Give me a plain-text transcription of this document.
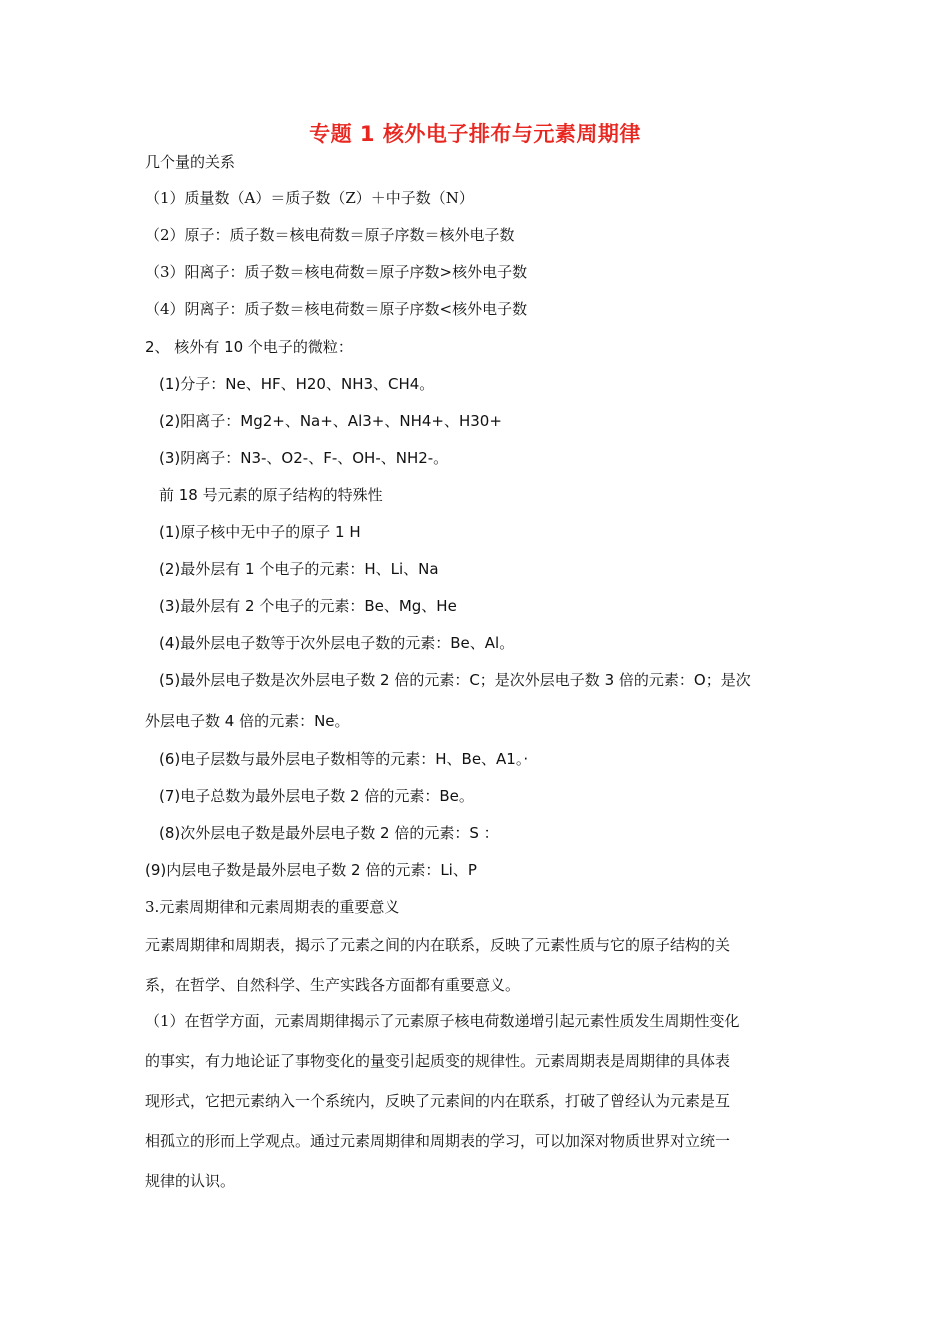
专题 1 核外电子排布与元素周期律
几个量的关系
（1）质量数（A）＝质子数（Z）＋中子数（N）
（2）原子：质子数＝核电荷数＝原子序数＝核外电子数
（3）阳离子：质子数＝核电荷数＝原子序数>核外电子数
（4）阴离子：质子数＝核电荷数＝原子序数<核外电子数
2、 核外有 10 个电子的微粒：
(1)分子：Ne、HF、H20、NH3、CH4。
(2)阳离子：Mg2+、Na+、Al3+、NH4+、H30+
(3)阴离子：N3-、O2-、F-、OH-、NH2-。
前 18 号元素的原子结构的特殊性
(1)原子核中无中子的原子 1 H
(2)最外层有 1 个电子的元素：H、Li、Na
(3)最外层有 2 个电子的元素：Be、Mg、He
(4)最外层电子数等于次外层电子数的元素：Be、Al。
(5)最外层电子数是次外层电子数 2 倍的元素：C；是次外层电子数 3 倍的元素：O；是次
外层电子数 4 倍的元素：Ne。
(6)电子层数与最外层电子数相等的元素：H、Be、A1。·
(7)电子总数为最外层电子数 2 倍的元素：Be。
(8)次外层电子数是最外层电子数 2 倍的元素：S ：
(9)内层电子数是最外层电子数 2 倍的元素：Li、P
3.元素周期律和元素周期表的重要意义
元素周期律和周期表，揭示了元素之间的内在联系，反映了元素性质与它的原子结构的关
系，在哲学、自然科学、生产实践各方面都有重要意义。
（1）在哲学方面，元素周期律揭示了元素原子核电荷数递增引起元素性质发生周期性变化
的事实，有力地论证了事物变化的量变引起质变的规律性。元素周期表是周期律的具体表
现形式，它把元素纳入一个系统内，反映了元素间的内在联系，打破了曾经认为元素是互
相孤立的形而上学观点。通过元素周期律和周期表的学习，可以加深对物质世界对立统一
规律的认识。
